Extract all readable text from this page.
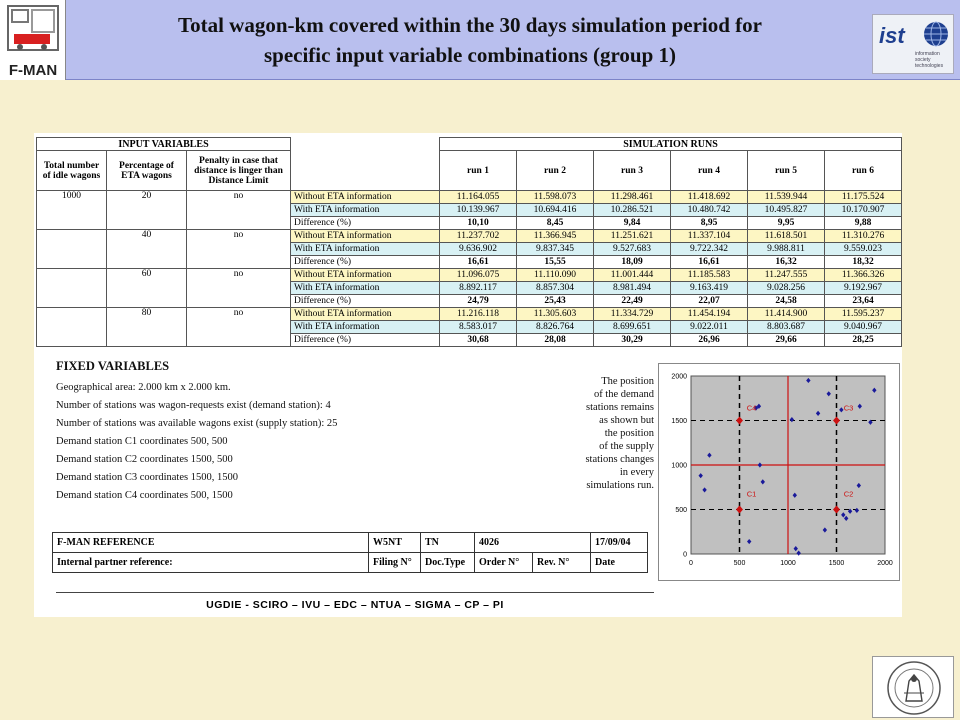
F-MAN
Total wagon-km covered within the 30 days simulation period for
specific input variable combinations (group 1)
ist
information society technologies
INPUT VARIABLES				SIMULATION RUNS					
Total number of idle wagons	Percentage of ETA wagons	Penalty in case that distance is linger than Distance Limit		run 1	run 2	run 3	run 4	run 5	run 6
1000	20	no	Without ETA information	11.164.055	11.598.073	11.298.461	11.418.692	11.539.944	11.175.524
			With ETA information	10.139.967	10.694.416	10.286.521	10.480.742	10.495.827	10.170.907
			Difference (%)	10,10	8,45	9,84	8,95	9,95	9,88
	40	no	Without ETA information	11.237.702	11.366.945	11.251.621	11.337.104	11.618.501	11.310.276
			With ETA information	9.636.902	9.837.345	9.527.683	9.722.342	9.988.811	9.559.023
			Difference (%)	16,61	15,55	18,09	16,61	16,32	18,32
	60	no	Without ETA information	11.096.075	11.110.090	11.001.444	11.185.583	11.247.555	11.366.326
			With ETA information	8.892.117	8.857.304	8.981.494	9.163.419	9.028.256	9.192.967
			Difference (%)	24,79	25,43	22,49	22,07	24,58	23,64
	80	no	Without ETA information	11.216.118	11.305.603	11.334.729	11.454.194	11.414.900	11.595.237
			With ETA information	8.583.017	8.826.764	8.699.651	9.022.011	8.803.687	9.040.967
			Difference (%)	30,68	28,08	30,29	26,96	29,66	28,25
FIXED VARIABLES
Geographical area: 2.000 km x 2.000 km.
Number of stations was wagon-requests exist (demand station): 4
Number of stations was available wagons exist (supply station): 25
Demand station C1 coordinates 500, 500
Demand station C2 coordinates 1500, 500
Demand station C3 coordinates 1500, 1500
Demand station C4 coordinates 500, 1500
The position
of the demand
stations remains
as shown but
the position
of the supply
stations changes
in every
simulations run.
0	500	1000	1500	2000
0
500
1000
1500
2000
C1	C2
C3
C4
F-MAN REFERENCE	W5NT	TN	4026		17/09/04
Internal partner reference:	Filing N°	Doc.Type	Order N°	Rev. N°	Date
UGDIE - SCIRO – IVU – EDC – NTUA – SIGMA – CP – PI
